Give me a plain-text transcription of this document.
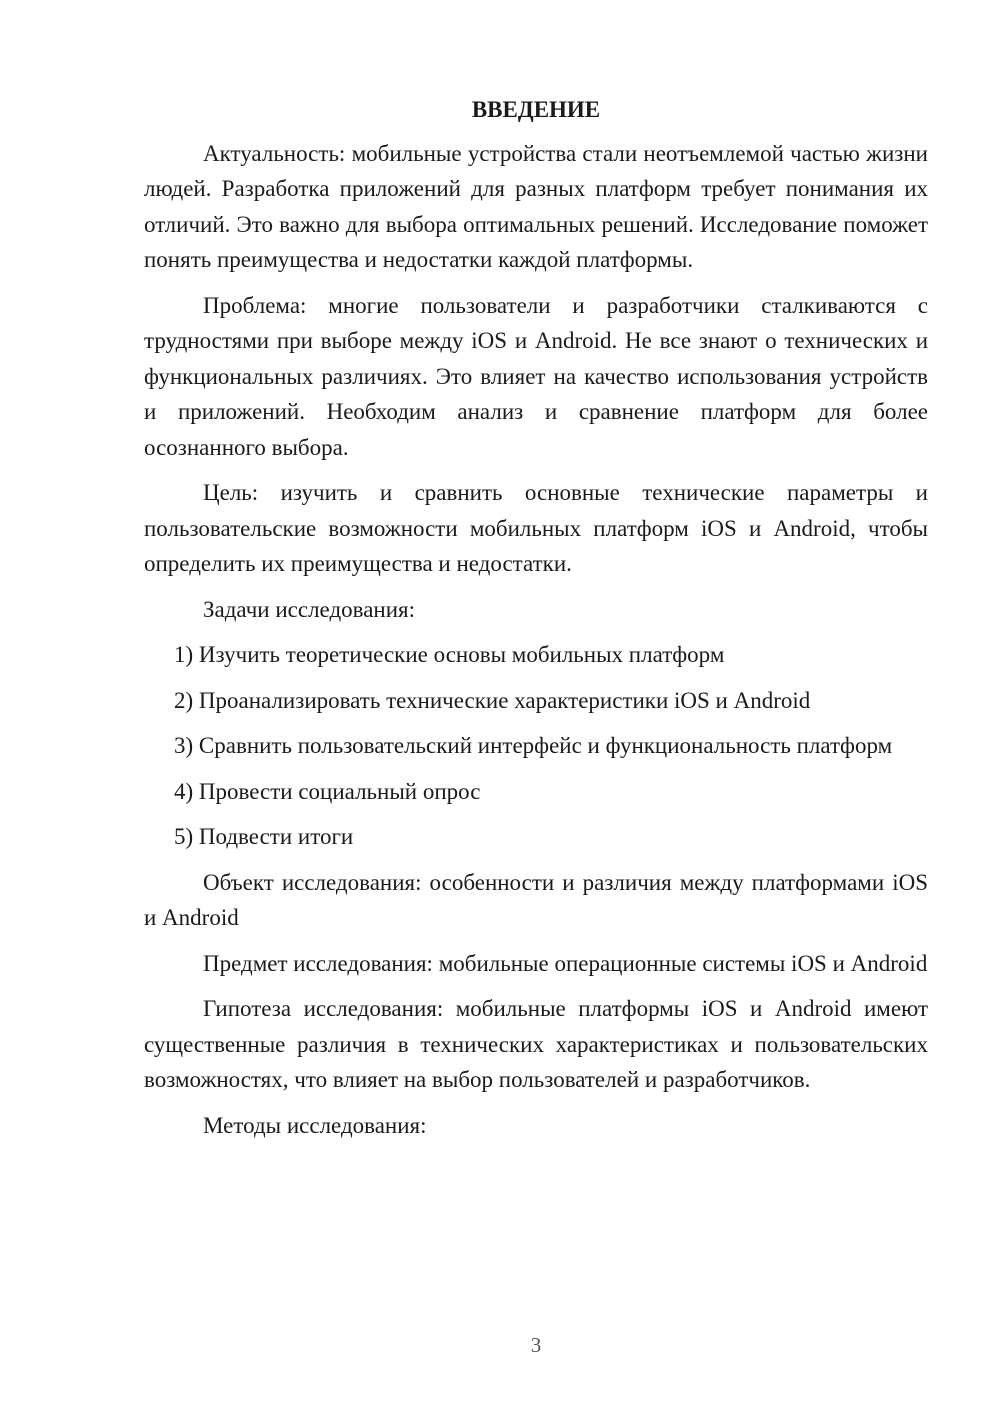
ВВЕДЕНИЕ

Актуальность: мобильные устройства стали неотъемлемой частью жизни людей. Разработка приложений для разных платформ требует понимания их отличий. Это важно для выбора оптимальных решений. Исследование поможет понять преимущества и недостатки каждой платформы.

Проблема: многие пользователи и разработчики сталкиваются с трудностями при выборе между iOS и Android. Не все знают о технических и функциональных различиях. Это влияет на качество использования устройств и приложений. Необходим анализ и сравнение платформ для более осознанного выбора.

Цель: изучить и сравнить основные технические параметры и пользовательские возможности мобильных платформ iOS и Android, чтобы определить их преимущества и недостатки.

Задачи исследования:

1) Изучить теоретические основы мобильных платформ

2) Проанализировать технические характеристики iOS и Android

3) Сравнить пользовательский интерфейс и функциональность платформ

4) Провести социальный опрос

5) Подвести итоги

Объект исследования: особенности и различия между платформами iOS и Android

Предмет исследования: мобильные операционные системы iOS и Android

Гипотеза исследования: мобильные платформы iOS и Android имеют существенные различия в технических характеристиках и пользовательских возможностях, что влияет на выбор пользователей и разработчиков.

Методы исследования:

3
